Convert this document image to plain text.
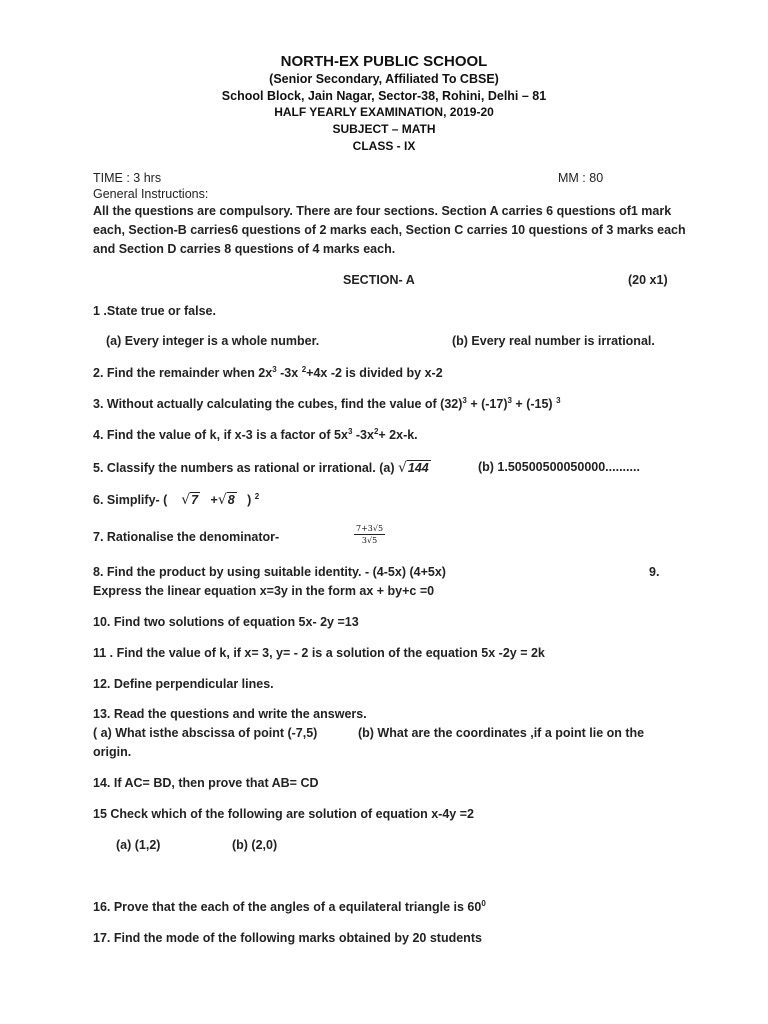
NORTH-EX PUBLIC SCHOOL
(Senior Secondary, Affiliated To CBSE)
School Block, Jain Nagar, Sector-38, Rohini, Delhi – 81
HALF YEARLY EXAMINATION, 2019-20
SUBJECT – MATH
CLASS - IX
TIME : 3 hrs	MM : 80
General Instructions:
All the questions are compulsory. There are four sections. Section A carries 6 questions of1 mark
each, Section-B carries6 questions of 2 marks each, Section C carries 10 questions of 3 marks each
and Section D carries 8 questions of 4 marks each.
SECTION- A	(20 x1)
1 .State true or false.
(a) Every integer is a whole number.	(b) Every real number is irrational.
2. Find the remainder when $2x^3$ -3x $^2$+4x -2 is divided by x-2
3. Without actually calculating the cubes, find the value of $(32)^3 + (-17)^3 + (-15)$ $^3$
4. Find the value of k, if x-3 is a factor of $5x^3$ $-3x^2+ 2x-k$.
5. Classify the numbers as rational or irrational. (a) √144	(b) 1.50500500050000..........
6. Simplify- ( √7 +√8 ) $^2$
7. Rationalise the denominator-	$\frac{7+3√5}{3√5}$
8. Find the product by using suitable identity. - (4-5x) (4+5x)	9.
Express the linear equation x=3y in the form ax + by+c =0
10. Find two solutions of equation 5x- 2y =13
11 . Find the value of k, if x= 3, y= - 2 is a solution of the equation 5x -2y = 2k
12. Define perpendicular lines.
13. Read the questions and write the answers.
( a) What isthe abscissa of point (-7,5)	(b) What are the coordinates ,if a point lie on the
origin.
14. If AC= BD, then prove that AB= CD
15 Check which of the following are solution of equation x-4y =2
(a) (1,2)	(b) (2,0)
16. Prove that the each of the angles of a equilateral triangle is $60^0$
17. Find the mode of the following marks obtained by 20 students
